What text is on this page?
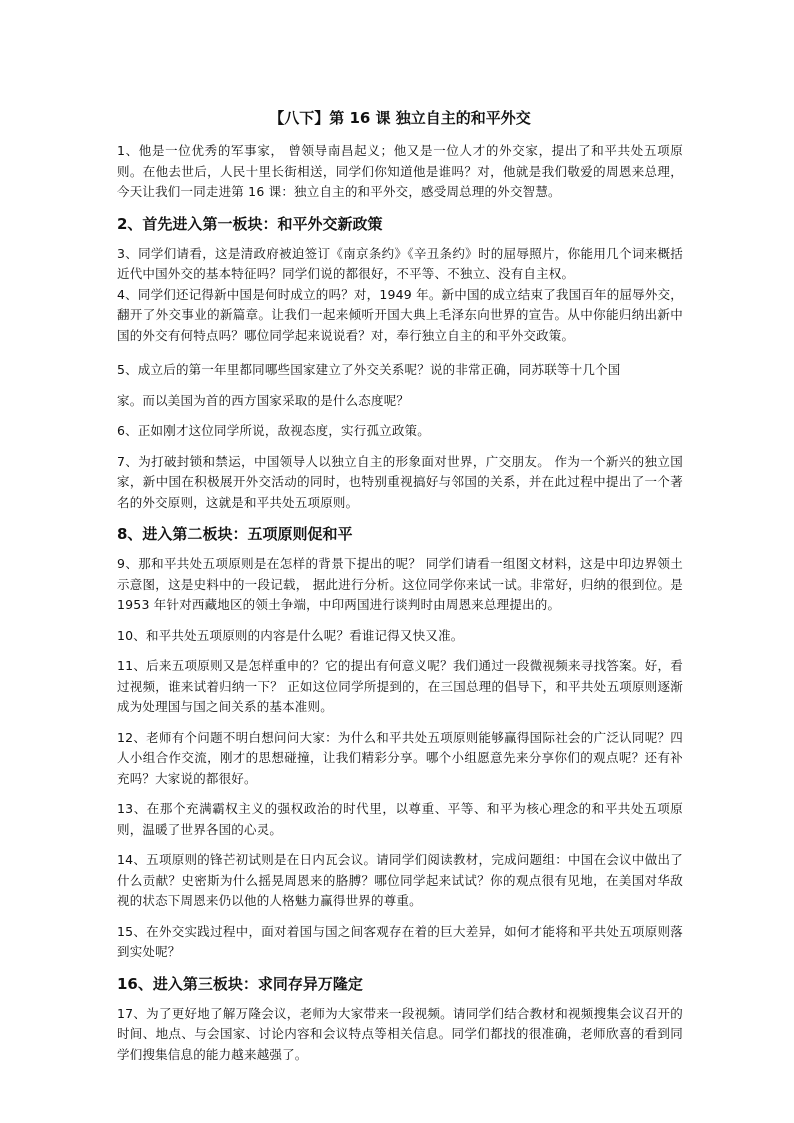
【八下】第 16 课 独立自主的和平外交
1、他是一位优秀的军事家， 曾领导南昌起义；他又是一位人才的外交家，提出了和平共处五项原则。在他去世后，人民十里长街相送，同学们你知道他是谁吗？对，他就是我们敬爱的周恩来总理，今天让我们一同走进第 16 课：独立自主的和平外交，感受周总理的外交智慧。
2、首先进入第一板块：和平外交新政策
3、同学们请看，这是清政府被迫签订《南京条约》《辛丑条约》时的屈辱照片，你能用几个词来概括近代中国外交的基本特征吗？同学们说的都很好，不平等、不独立、没有自主权。
4、同学们还记得新中国是何时成立的吗？对，1949 年。新中国的成立结束了我国百年的屈辱外交，翻开了外交事业的新篇章。让我们一起来倾听开国大典上毛泽东向世界的宣告。从中你能归纳出新中国的外交有何特点吗？哪位同学起来说说看？对，奉行独立自主的和平外交政策。
5、成立后的第一年里都同哪些国家建立了外交关系呢？说的非常正确，同苏联等十几个国
家。而以美国为首的西方国家采取的是什么态度呢？
6、正如刚才这位同学所说，敌视态度，实行孤立政策。
7、为打破封锁和禁运，中国领导人以独立自主的形象面对世界，广交朋友。 作为一个新兴的独立国家，新中国在积极展开外交活动的同时，也特别重视搞好与邻国的关系，并在此过程中提出了一个著名的外交原则，这就是和平共处五项原则。
8、进入第二板块：五项原则促和平
9、那和平共处五项原则是在怎样的背景下提出的呢？ 同学们请看一组图文材料，这是中印边界领土示意图，这是史料中的一段记载， 据此进行分析。这位同学你来试一试。非常好，归纳的很到位。是 1953 年针对西藏地区的领土争端，中印两国进行谈判时由周恩来总理提出的。
10、和平共处五项原则的内容是什么呢？看谁记得又快又准。
11、后来五项原则又是怎样重申的？它的提出有何意义呢？我们通过一段微视频来寻找答案。好，看过视频，谁来试着归纳一下？ 正如这位同学所提到的，在三国总理的倡导下，和平共处五项原则逐渐成为处理国与国之间关系的基本准则。
12、老师有个问题不明白想问问大家：为什么和平共处五项原则能够赢得国际社会的广泛认同呢？四人小组合作交流，刚才的思想碰撞，让我们精彩分享。哪个小组愿意先来分享你们的观点呢？还有补充吗？大家说的都很好。
13、在那个充满霸权主义的强权政治的时代里，以尊重、平等、和平为核心理念的和平共处五项原则，温暖了世界各国的心灵。
14、五项原则的锋芒初试则是在日内瓦会议。请同学们阅读教材，完成问题组：中国在会议中做出了什么贡献？史密斯为什么摇晃周恩来的胳膊？哪位同学起来试试？你的观点很有见地，在美国对华敌视的状态下周恩来仍以他的人格魅力赢得世界的尊重。
15、在外交实践过程中，面对着国与国之间客观存在着的巨大差异，如何才能将和平共处五项原则落到实处呢？
16、进入第三板块：求同存异万隆定
17、为了更好地了解万隆会议，老师为大家带来一段视频。请同学们结合教材和视频搜集会议召开的时间、地点、与会国家、讨论内容和会议特点等相关信息。同学们都找的很准确，老师欣喜的看到同学们搜集信息的能力越来越强了。
